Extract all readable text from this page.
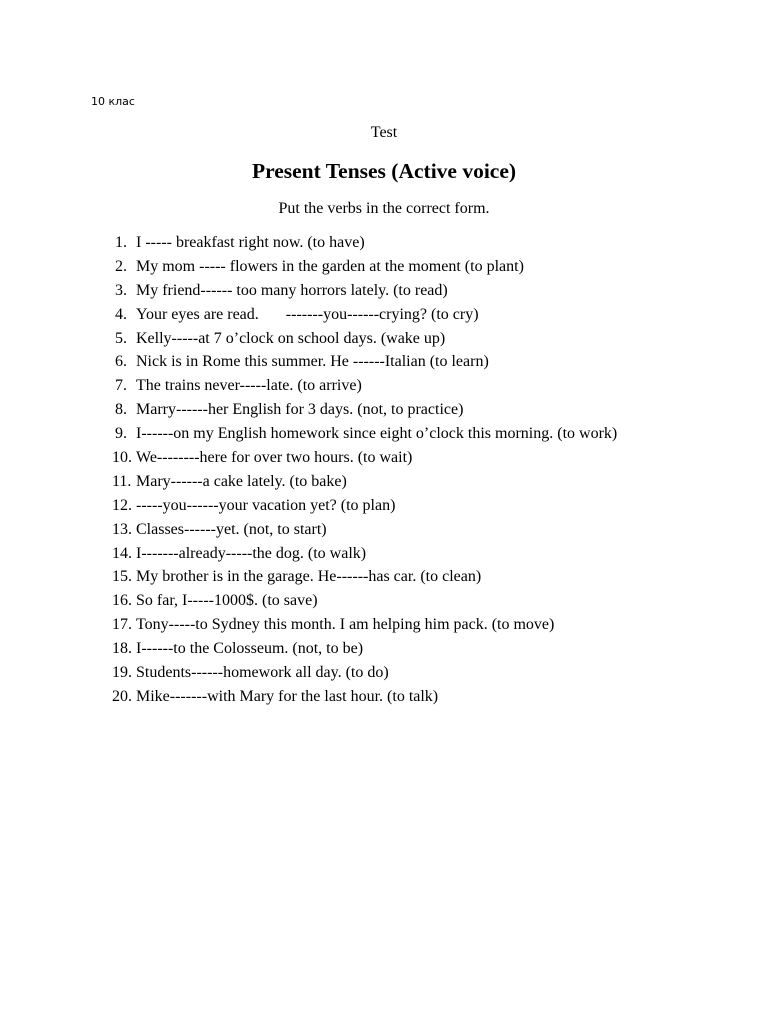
10 клас

Test

Present Tenses (Active voice)

Put the verbs in the correct form.

1. I ----- breakfast right now. (to have)
2. My mom ----- flowers in the garden at the moment (to plant)
3. My friend------ too many horrors lately. (to read)
4. Your eyes are read. -------you------crying? (to cry)
5. Kelly-----at 7 o’clock on school days. (wake up)
6. Nick is in Rome this summer. He ------Italian (to learn)
7. The trains never-----late. (to arrive)
8. Marry------her English for 3 days. (not, to practice)
9. I------on my English homework since eight o’clock this morning. (to work)
10. We--------here for over two hours. (to wait)
11. Mary------a cake lately. (to bake)
12. -----you------your vacation yet? (to plan)
13. Classes------yet. (not, to start)
14. I-------already-----the dog. (to walk)
15. My brother is in the garage. He------has car. (to clean)
16. So far, I-----1000$. (to save)
17. Tony-----to Sydney this month. I am helping him pack. (to move)
18. I------to the Colosseum. (not, to be)
19. Students------homework all day. (to do)
20. Mike-------with Mary for the last hour. (to talk)
